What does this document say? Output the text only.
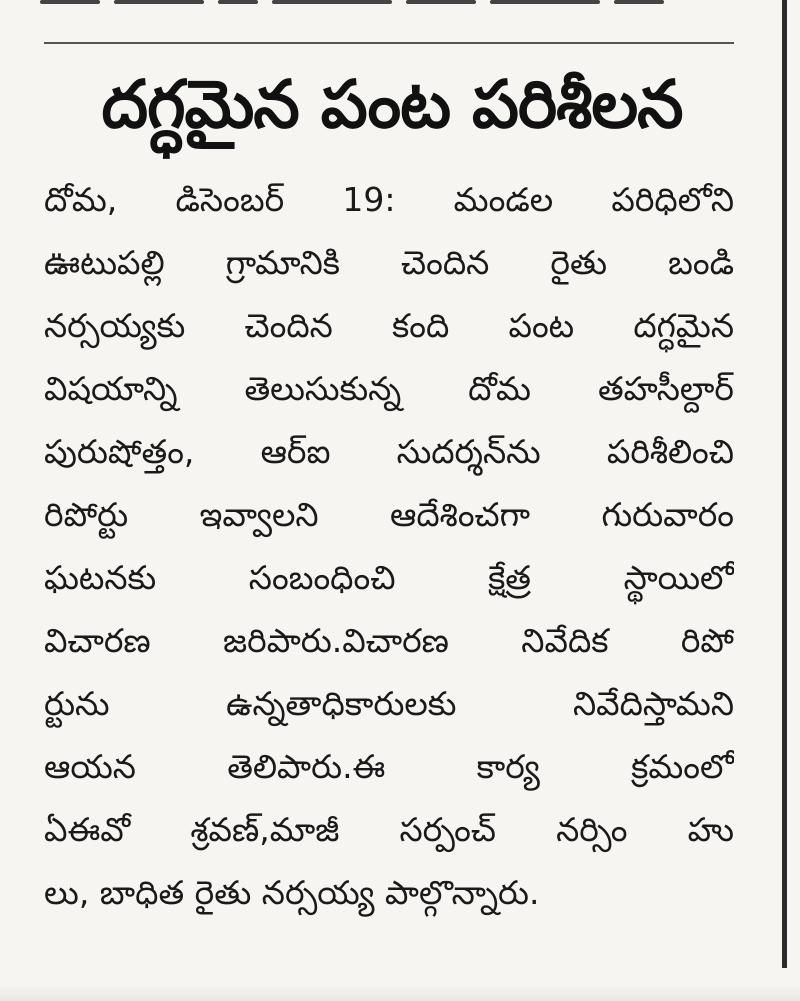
దగ్ధమైన పంట పరిశీలన
దోమ, డిసెంబర్ 19: మండల పరిధిలోని
ఊటుపల్లి గ్రామానికి చెందిన రైతు బండి
నర్సయ్యకు చెందిన కంది పంట దగ్ధమైన
విషయాన్ని తెలుసుకున్న దోమ తహసీల్దార్
పురుషోత్తం, ఆర్ఐ సుదర్శన్‌ను పరిశీలించి
రిపోర్టు ఇవ్వాలని ఆదేశించగా గురువారం
ఘటనకు సంబంధించి క్షేత్ర స్థాయిలో
విచారణ జరిపారు.విచారణ నివేదిక రిపో
ర్టును ఉన్నతాధికారులకు నివేదిస్తామని
ఆయన తెలిపారు.ఈ కార్య క్రమంలో
ఏఈవో శ్రవణ్,మాజీ సర్పంచ్ నర్సిం హు
లు, బాధిత రైతు నర్సయ్య పాల్గొన్నారు.
